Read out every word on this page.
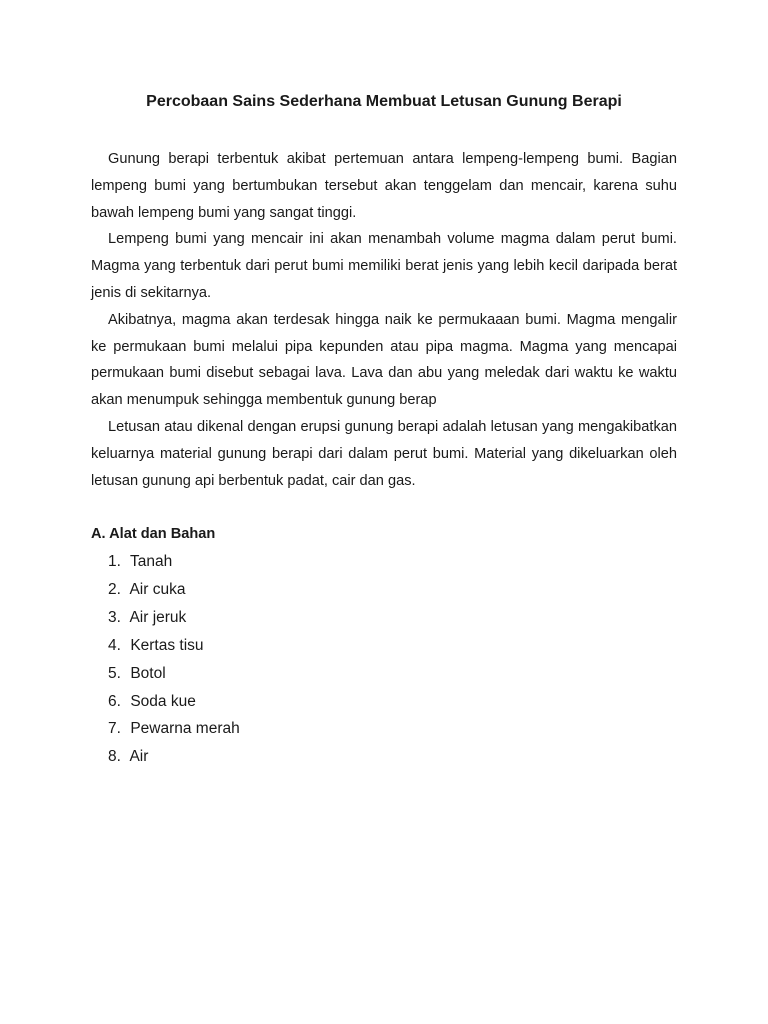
Percobaan Sains Sederhana Membuat Letusan Gunung Berapi

Gunung berapi terbentuk akibat pertemuan antara lempeng-lempeng bumi. Bagian lempeng bumi yang bertumbukan tersebut akan tenggelam dan mencair, karena suhu bawah lempeng bumi yang sangat tinggi.

Lempeng bumi yang mencair ini akan menambah volume magma dalam perut bumi. Magma yang terbentuk dari perut bumi memiliki berat jenis yang lebih kecil daripada berat jenis di sekitarnya.

Akibatnya, magma akan terdesak hingga naik ke permukaaan bumi. Magma mengalir ke permukaan bumi melalui pipa kepunden atau pipa magma. Magma yang mencapai permukaan bumi disebut sebagai lava. Lava dan abu yang meledak dari waktu ke waktu akan menumpuk sehingga membentuk gunung berap

Letusan atau dikenal dengan erupsi gunung berapi adalah letusan yang mengakibatkan keluarnya material gunung berapi dari dalam perut bumi. Material yang dikeluarkan oleh letusan gunung api berbentuk padat, cair dan gas.

A. Alat dan Bahan
1. Tanah
2. Air cuka
3. Air jeruk
4. Kertas tisu
5. Botol
6. Soda kue
7. Pewarna merah
8. Air
